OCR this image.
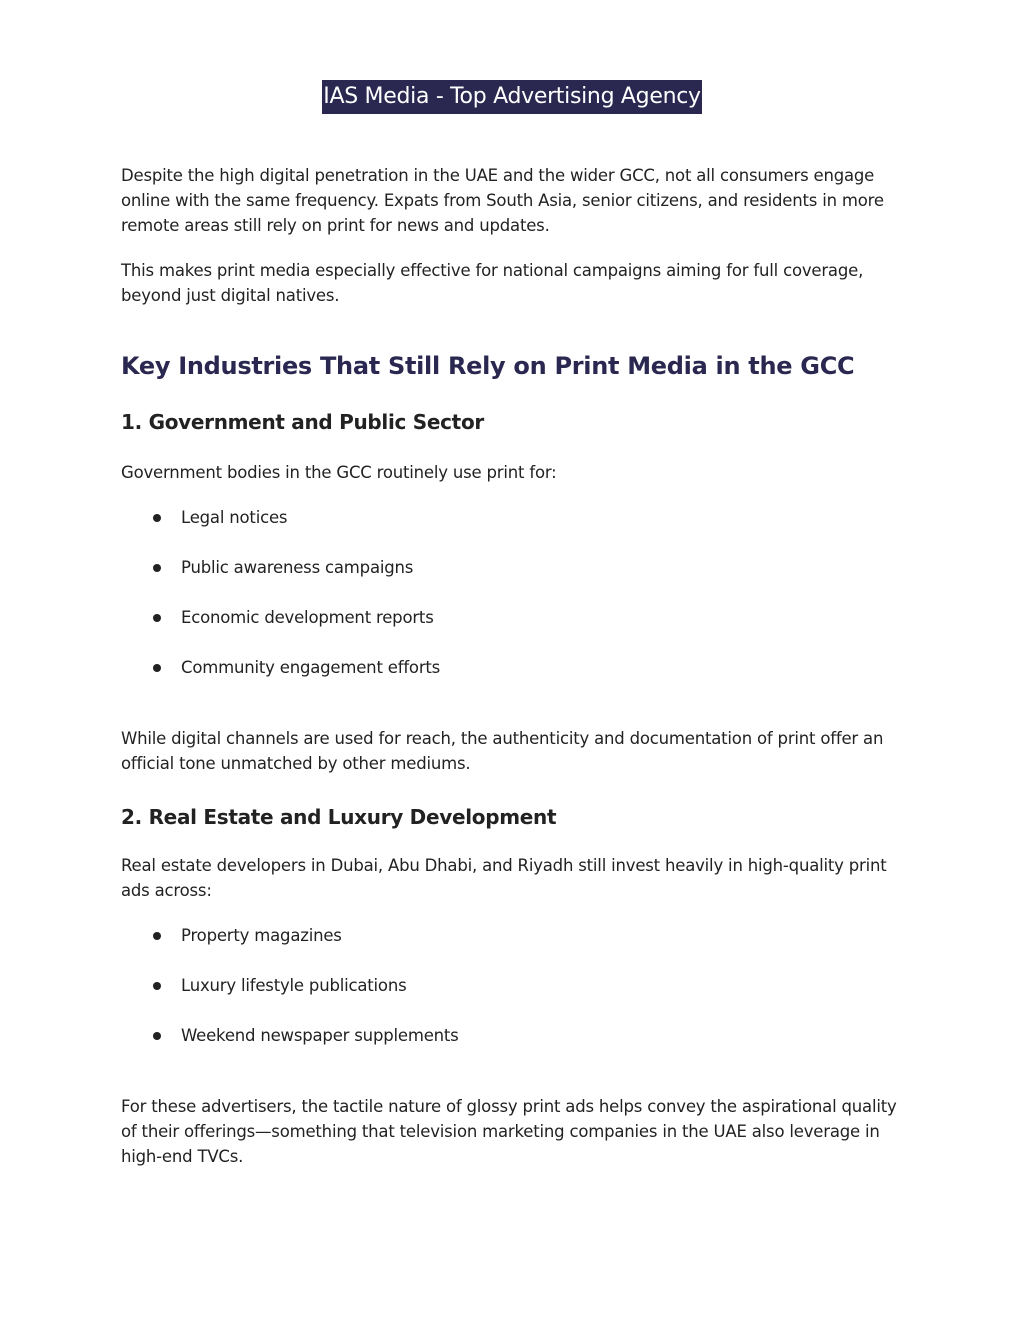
IAS Media - Top Advertising Agency

Despite the high digital penetration in the UAE and the wider GCC, not all consumers engage online with the same frequency. Expats from South Asia, senior citizens, and residents in more remote areas still rely on print for news and updates.

This makes print media especially effective for national campaigns aiming for full coverage, beyond just digital natives.

Key Industries That Still Rely on Print Media in the GCC
1. Government and Public Sector

Government bodies in the GCC routinely use print for:

Legal notices
Public awareness campaigns
Economic development reports
Community engagement efforts

While digital channels are used for reach, the authenticity and documentation of print offer an official tone unmatched by other mediums.

2. Real Estate and Luxury Development

Real estate developers in Dubai, Abu Dhabi, and Riyadh still invest heavily in high-quality print ads across:

Property magazines
Luxury lifestyle publications
Weekend newspaper supplements

For these advertisers, the tactile nature of glossy print ads helps convey the aspirational quality of their offerings—something that television marketing companies in the UAE also leverage in high-end TVCs.
